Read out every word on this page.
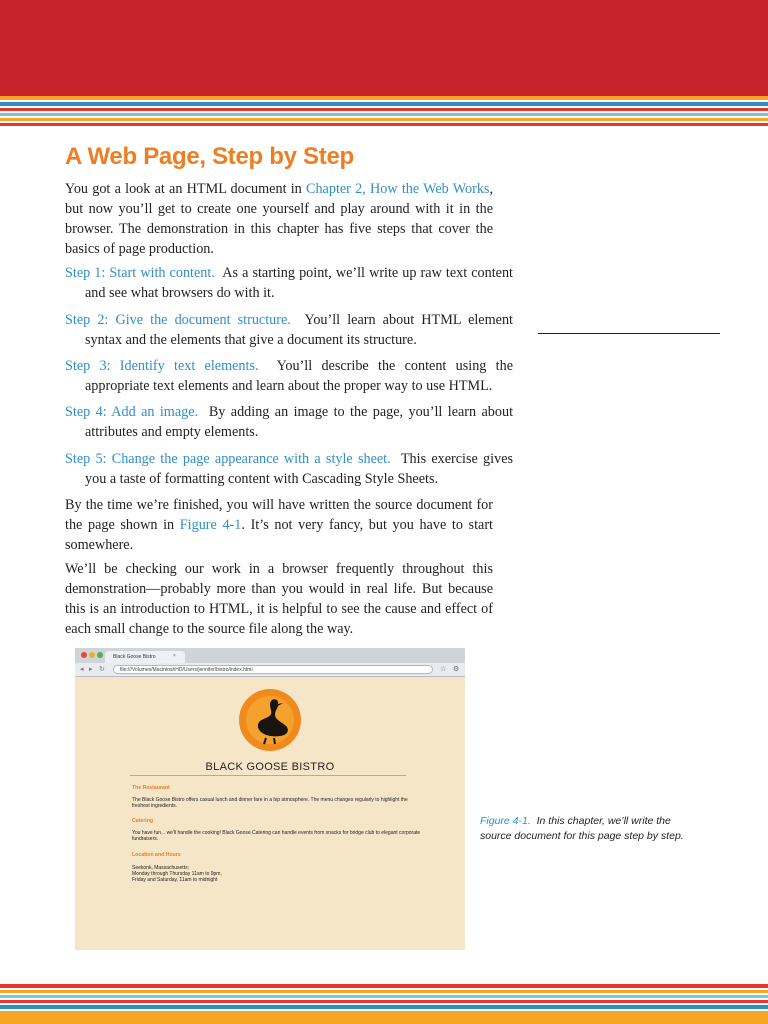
A Web Page, Step by Step

You got a look at an HTML document in Chapter 2, How the Web Works, but now you’ll get to create one yourself and play around with it in the browser. The demonstration in this chapter has five steps that cover the basics of page production.

Step 1: Start with content. As a starting point, we’ll write up raw text content and see what browsers do with it.

Step 2: Give the document structure. You’ll learn about HTML element syntax and the elements that give a document its structure.

Step 3: Identify text elements. You’ll describe the content using the appropriate text elements and learn about the proper way to use HTML.

Step 4: Add an image. By adding an image to the page, you’ll learn about attributes and empty elements.

Step 5: Change the page appearance with a style sheet. This exercise gives you a taste of formatting content with Cascading Style Sheets.

By the time we’re finished, you will have written the source document for the page shown in Figure 4-1. It’s not very fancy, but you have to start somewhere.

We’ll be checking our work in a browser frequently throughout this demonstration—probably more than you would in real life. But because this is an introduction to HTML, it is helpful to see the cause and effect of each small change to the source file along the way.

Black Goose Bistro	×
◂ ▸ ↻	file:///Volumes/MacintoshHD/Users/jennifer/bistro/index.html	☆ ⚙
BLACK GOOSE BISTRO
The Restaurant
The Black Goose Bistro offers casual lunch and dinner fare in a hip atmosphere. The menu changes regularly to highlight the freshest ingredients.
Catering
You have fun... we'll handle the cooking! Black Goose Catering can handle events from snacks for bridge club to elegant corporate fundraisers.
Location and Hours
Seekonk, Massachusetts;
Monday through Thursday 11am to 9pm,
Friday and Saturday, 11am to midnight
Figure 4-1. In this chapter, we’ll write the source document for this page step by step.
